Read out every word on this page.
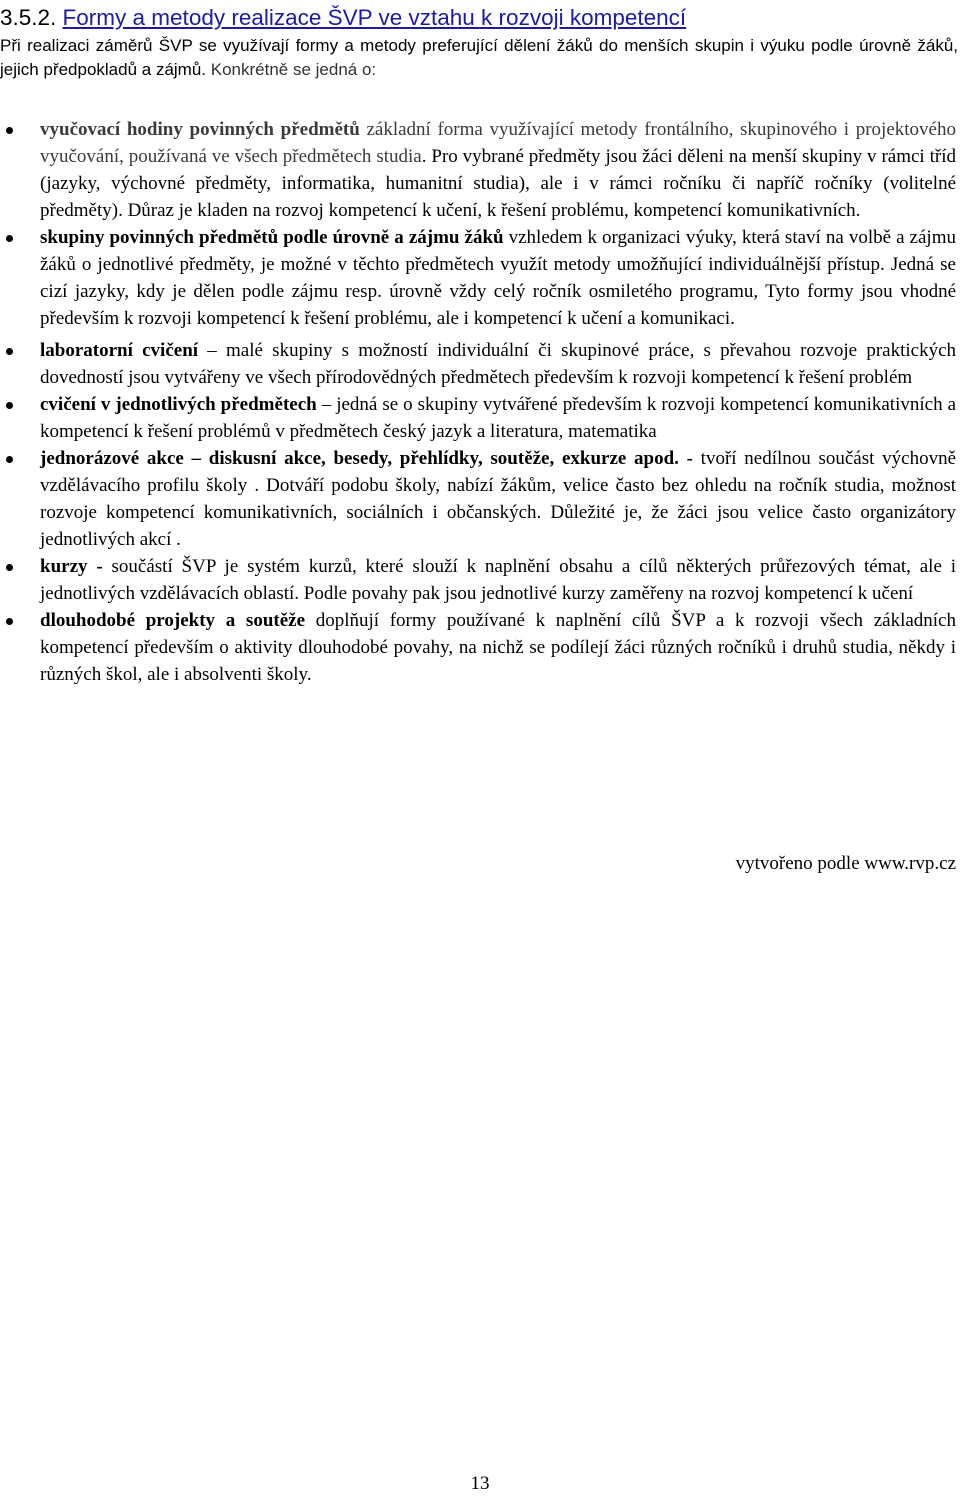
3.5.2. Formy a metody realizace ŠVP ve vztahu k rozvoji kompetencí

Při realizaci záměrů ŠVP se využívají formy a metody preferující dělení žáků do menších skupin i výuku podle úrovně žáků, jejich předpokladů a zájmů. Konkrétně se jedná o:

vyučovací hodiny povinných předmětů základní forma využívající metody frontálního, skupinového i projektového vyučování, používaná ve všech předmětech studia. Pro vybrané předměty jsou žáci děleni na menší skupiny v rámci tříd (jazyky, výchovné předměty, informatika, humanitní studia), ale i v rámci ročníku či napříč ročníky (volitelné předměty). Důraz je kladen na rozvoj kompetencí k učení, k řešení problému, kompetencí komunikativních.
skupiny povinných předmětů podle úrovně a zájmu žáků vzhledem k organizaci výuky, která staví na volbě a zájmu žáků o jednotlivé předměty, je možné v těchto předmětech využít metody umožňující individuálnější přístup. Jedná se cizí jazyky, kdy je dělen podle zájmu resp. úrovně vždy celý ročník osmiletého programu, Tyto formy jsou vhodné především k rozvoji kompetencí k řešení problému, ale i kompetencí k učení a komunikaci.
laboratorní cvičení – malé skupiny s možností individuální či skupinové práce, s převahou rozvoje praktických dovedností jsou vytvářeny ve všech přírodovědných předmětech především k rozvoji kompetencí k řešení problém
cvičení v jednotlivých předmětech – jedná se o skupiny vytvářené především k rozvoji kompetencí komunikativních a kompetencí k řešení problémů v předmětech český jazyk a literatura, matematika
jednorázové akce – diskusní akce, besedy, přehlídky, soutěže, exkurze apod. - tvoří nedílnou součást výchovně vzdělávacího profilu školy . Dotváří podobu školy, nabízí žákům, velice často bez ohledu na ročník studia, možnost rozvoje kompetencí komunikativních, sociálních i občanských. Důležité je, že žáci jsou velice často organizátory jednotlivých akcí .
kurzy - součástí ŠVP je systém kurzů, které slouží k naplnění obsahu a cílů některých průřezových témat, ale i jednotlivých vzdělávacích oblastí. Podle povahy pak jsou jednotlivé kurzy zaměřeny na rozvoj kompetencí k učení
dlouhodobé projekty a soutěže doplňují formy používané k naplnění cílů ŠVP a k rozvoji všech základních kompetencí především o aktivity dlouhodobé povahy, na nichž se podílejí žáci různých ročníků i druhů studia, někdy i různých škol, ale i absolventi školy.

vytvořeno podle www.rvp.cz

13
